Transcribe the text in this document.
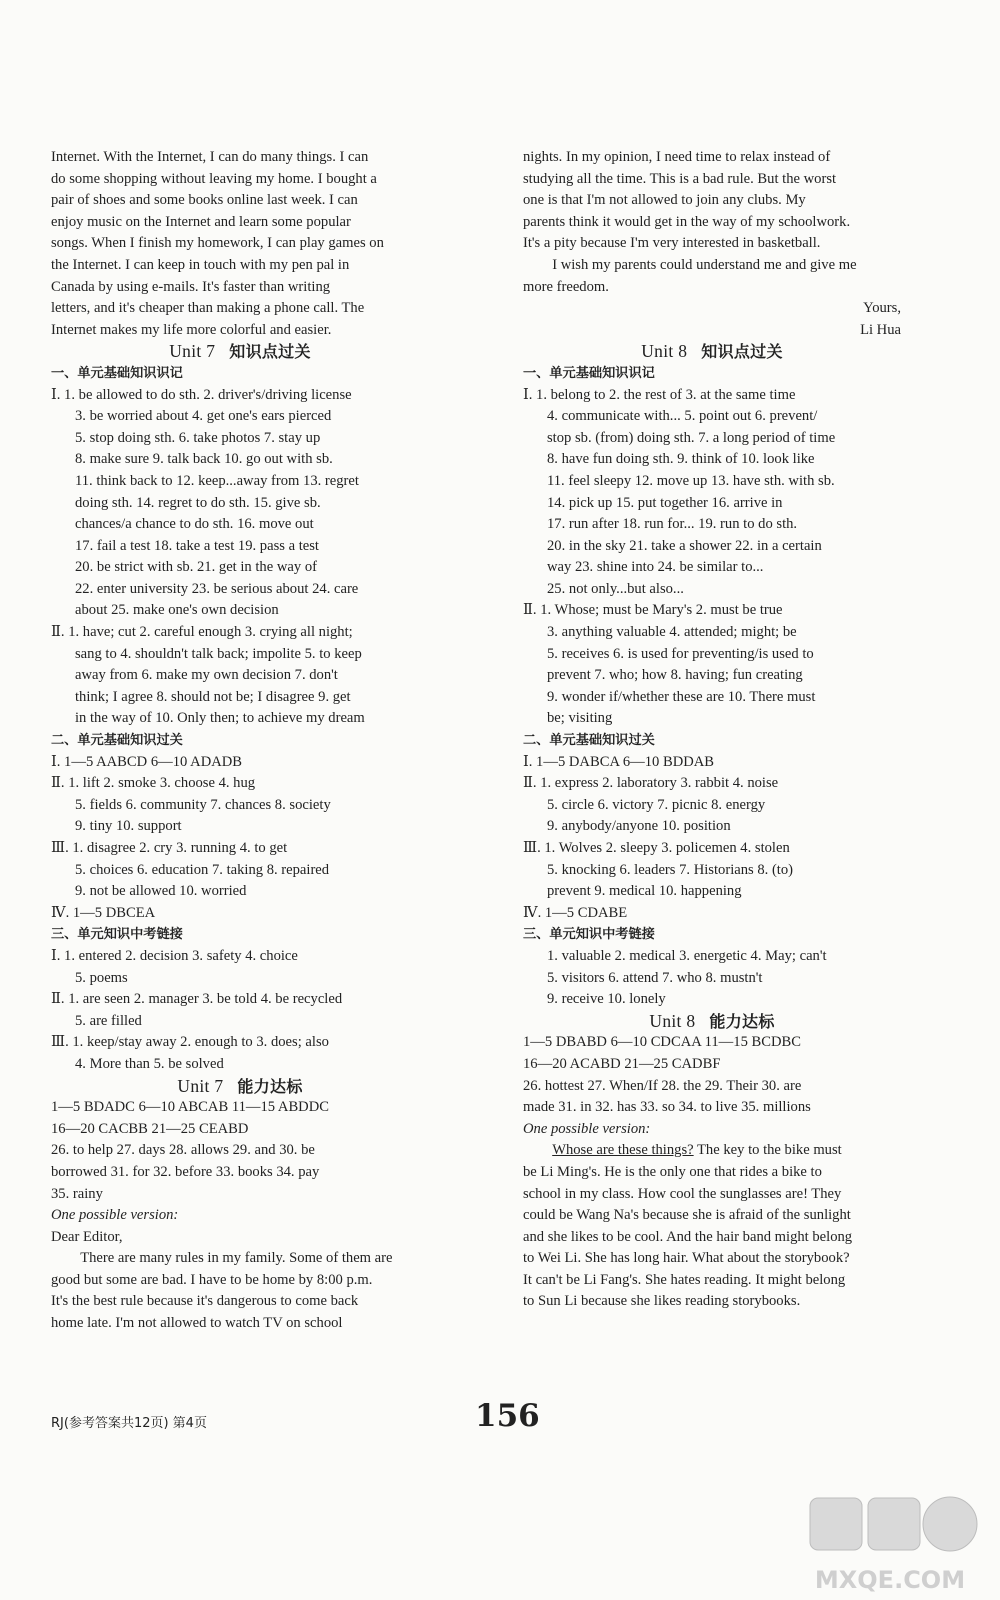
Internet. With the Internet, I can do many things. I can
do some shopping without leaving my home. I bought a
pair of shoes and some books online last week. I can
enjoy music on the Internet and learn some popular
songs. When I finish my homework, I can play games on
the Internet. I can keep in touch with my pen pal in
Canada by using e-mails. It's faster than writing
letters, and it's cheaper than making a phone call. The
Internet makes my life more colorful and easier.
Unit 7 知识点过关
一、单元基础知识识记
Ⅰ. 1. be allowed to do sth. 2. driver's/driving license
3. be worried about 4. get one's ears pierced
5. stop doing sth. 6. take photos 7. stay up
8. make sure 9. talk back 10. go out with sb.
11. think back to 12. keep...away from 13. regret
doing sth. 14. regret to do sth. 15. give sb.
chances/a chance to do sth. 16. move out
17. fail a test 18. take a test 19. pass a test
20. be strict with sb. 21. get in the way of
22. enter university 23. be serious about 24. care
about 25. make one's own decision
Ⅱ. 1. have; cut 2. careful enough 3. crying all night;
sang to 4. shouldn't talk back; impolite 5. to keep
away from 6. make my own decision 7. don't
think; I agree 8. should not be; I disagree 9. get
in the way of 10. Only then; to achieve my dream
二、单元基础知识过关
Ⅰ. 1—5 AABCD 6—10 ADADB
Ⅱ. 1. lift 2. smoke 3. choose 4. hug
5. fields 6. community 7. chances 8. society
9. tiny 10. support
Ⅲ. 1. disagree 2. cry 3. running 4. to get
5. choices 6. education 7. taking 8. repaired
9. not be allowed 10. worried
Ⅳ. 1—5 DBCEA
三、单元知识中考链接
Ⅰ. 1. entered 2. decision 3. safety 4. choice
5. poems
Ⅱ. 1. are seen 2. manager 3. be told 4. be recycled
5. are filled
Ⅲ. 1. keep/stay away 2. enough to 3. does; also
4. More than 5. be solved
Unit 7 能力达标
1—5 BDADC 6—10 ABCAB 11—15 ABDDC
16—20 CACBB 21—25 CEABD
26. to help 27. days 28. allows 29. and 30. be
borrowed 31. for 32. before 33. books 34. pay
35. rainy
One possible version:
Dear Editor,
There are many rules in my family. Some of them are
good but some are bad. I have to be home by 8:00 p.m.
It's the best rule because it's dangerous to come back
home late. I'm not allowed to watch TV on school
nights. In my opinion, I need time to relax instead of
studying all the time. This is a bad rule. But the worst
one is that I'm not allowed to join any clubs. My
parents think it would get in the way of my schoolwork.
It's a pity because I'm very interested in basketball.
I wish my parents could understand me and give me
more freedom.
Yours,
Li Hua
Unit 8 知识点过关
一、单元基础知识识记
Ⅰ. 1. belong to 2. the rest of 3. at the same time
4. communicate with... 5. point out 6. prevent/
stop sb. (from) doing sth. 7. a long period of time
8. have fun doing sth. 9. think of 10. look like
11. feel sleepy 12. move up 13. have sth. with sb.
14. pick up 15. put together 16. arrive in
17. run after 18. run for... 19. run to do sth.
20. in the sky 21. take a shower 22. in a certain
way 23. shine into 24. be similar to...
25. not only...but also...
Ⅱ. 1. Whose; must be Mary's 2. must be true
3. anything valuable 4. attended; might; be
5. receives 6. is used for preventing/is used to
prevent 7. who; how 8. having; fun creating
9. wonder if/whether these are 10. There must
be; visiting
二、单元基础知识过关
Ⅰ. 1—5 DABCA 6—10 BDDAB
Ⅱ. 1. express 2. laboratory 3. rabbit 4. noise
5. circle 6. victory 7. picnic 8. energy
9. anybody/anyone 10. position
Ⅲ. 1. Wolves 2. sleepy 3. policemen 4. stolen
5. knocking 6. leaders 7. Historians 8. (to)
prevent 9. medical 10. happening
Ⅳ. 1—5 CDABE
三、单元知识中考链接
1. valuable 2. medical 3. energetic 4. May; can't
5. visitors 6. attend 7. who 8. mustn't
9. receive 10. lonely
Unit 8 能力达标
1—5 DBABD 6—10 CDCAA 11—15 BCDBC
16—20 ACABD 21—25 CADBF
26. hottest 27. When/If 28. the 29. Their 30. are
made 31. in 32. has 33. so 34. to live 35. millions
One possible version:
Whose are these things? The key to the bike must
be Li Ming's. He is the only one that rides a bike to
school in my class. How cool the sunglasses are! They
could be Wang Na's because she is afraid of the sunlight
and she likes to be cool. And the hair band might belong
to Wei Li. She has long hair. What about the storybook?
It can't be Li Fang's. She hates reading. It might belong
to Sun Li because she likes reading storybooks.
RJ(参考答案共12页) 第4页	156
MXQE.COM
